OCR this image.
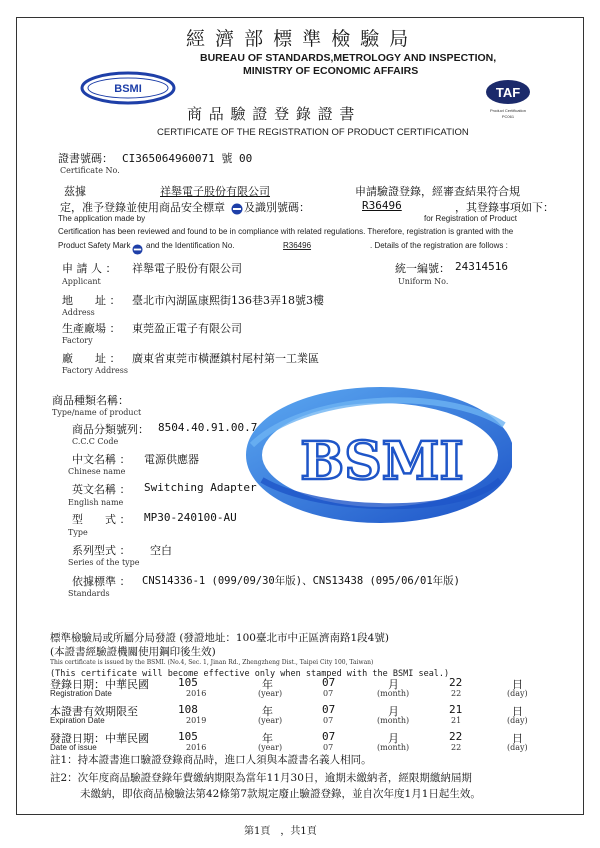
經 濟 部 標 準 檢 驗 局
BUREAU OF STANDARDS,METROLOGY AND INSPECTION,
MINISTRY OF ECONOMIC AFFAIRS
BSMI	TAF
Product Certification
PC061
商 品 驗 證 登 錄 證 書
CERTIFICATE OF THE REGISTRATION OF PRODUCT CERTIFICATION
證書號碼： CI365064960071 號 00
Certificate No.
茲據	祥舉電子股份有限公司	申請驗證登錄，經審查結果符合規
定，准予登錄並使用商品安全標章 及識別號碼：	R36496	，其登錄事項如下：
The application made by	for Registration of Product
Certification has been reviewed and found to be in compliance with related regulations. Therefore, registration is granted with the
Product Safety Mark and the Identification No.	R36496	. Details of the registration are follows :
申 請 人 ： 祥舉電子股份有限公司
Applicant
統一編號： 24314516
Uniform No.
地　　址 ： 臺北市內湖區康熙街136巷3弄18號3樓
Address
生產廠場 ： 東莞盈正電子有限公司
Factory
廠　　址 ： 廣東省東莞市橫瀝鎮村尾村第一工業區
Factory Address
BSMI
商品種類名稱：
Type/name of product
商品分類號列： 8504.40.91.00.7
C.C.C Code
中文名稱 ： 電源供應器
Chinese name
英文名稱 ： Switching Adapter
English name
型　　式 ： MP30-240100-AU
Type
系列型式 ： 空白
Series of the type
依據標準 ： CNS14336-1 (099/09/30年版)、CNS13438 (095/06/01年版)
Standards
標準檢驗局或所屬分局發證 (發證地址：100臺北市中正區濟南路1段4號)
(本證書經驗證機關使用鋼印後生效)
This certificate is issued by the BSMI. (No.4, Sec. 1, Jinan Rd., Zhengzheng Dist., Taipei City 100, Taiwan)
(This certificate will become effective only when stamped with the BSMI seal.)
登錄日期：中華民國	105	年	07	月	22	日
Registration Date	2016	(year)	07	(month)	22	(day)
本證書有效期限至	108	年	07	月	21	日
Expiration Date	2019	(year)	07	(month)	21	(day)
發證日期：中華民國	105	年	07	月	22	日
Date of issue	2016	(year)	07	(month)	22	(day)
註1：持本證書進口驗證登錄商品時，進口人須與本證書名義人相同。
註2：次年度商品驗證登錄年費繳納期限為當年11月30日，逾期未繳納者，經限期繳納屆期
未繳納，即依商品檢驗法第42條第7款規定廢止驗證登錄，並自次年度1月1日起生效。
第1頁　，共1頁
